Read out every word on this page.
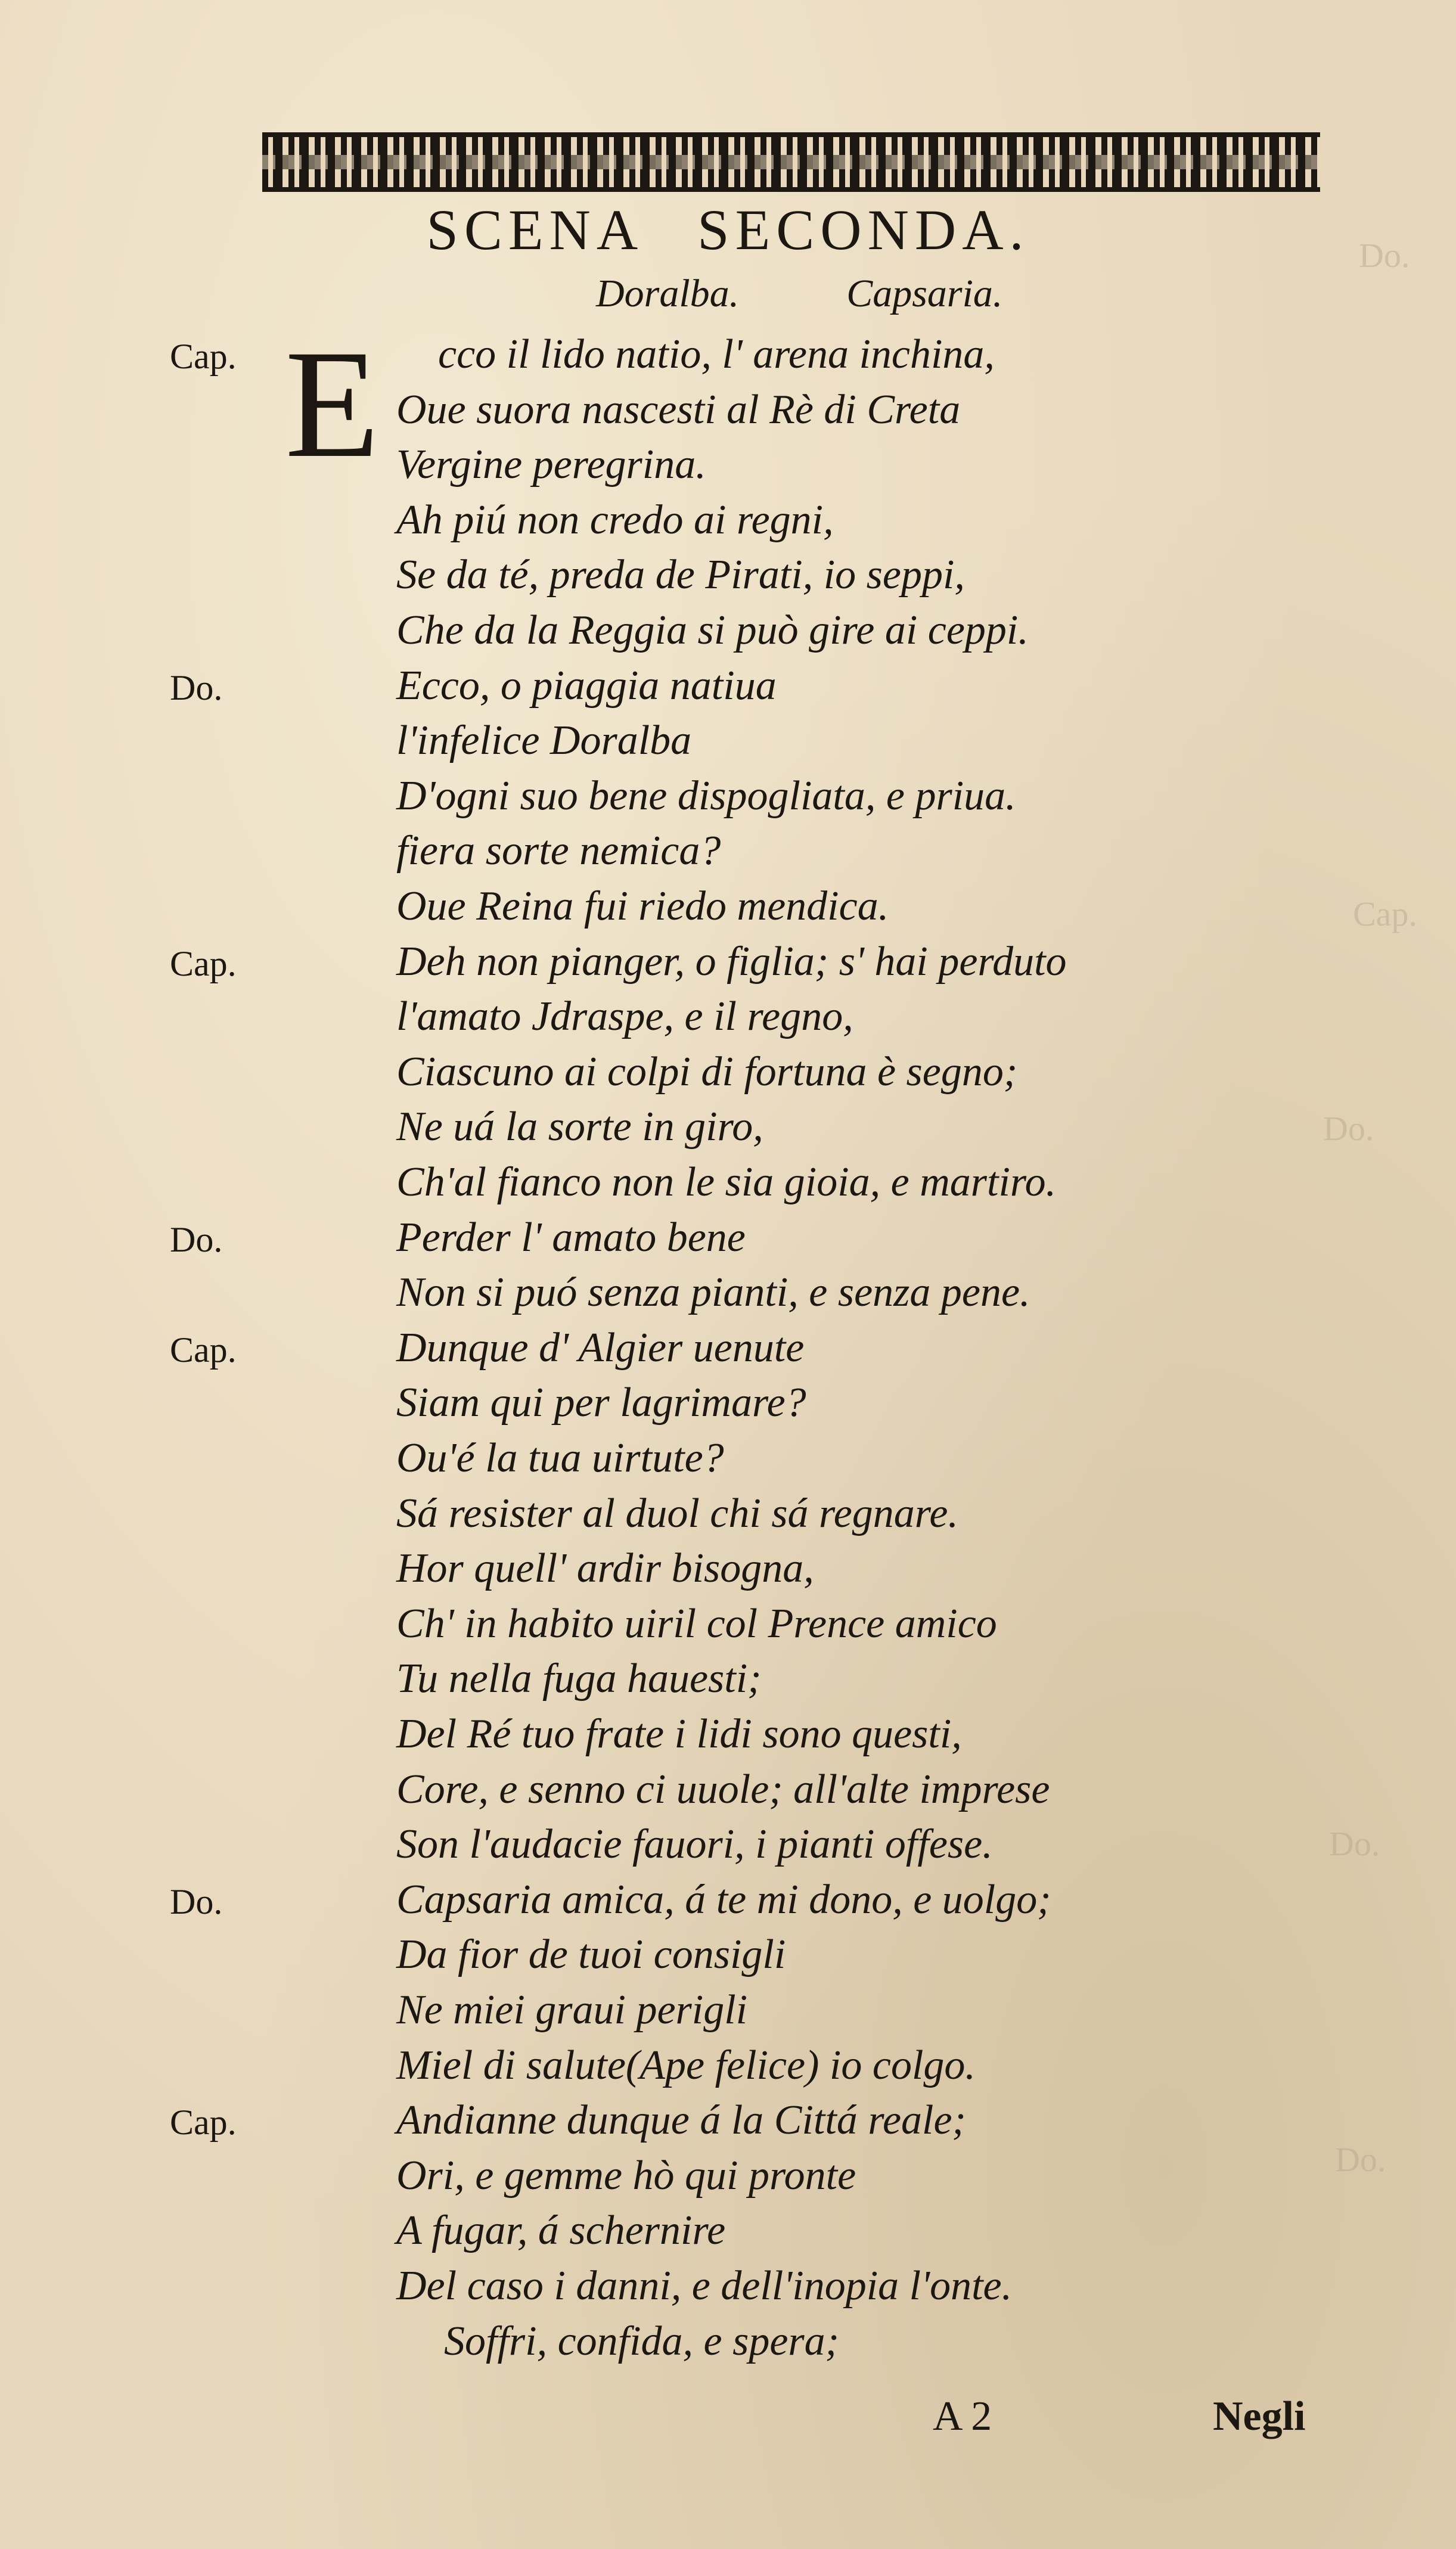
Do.
Cap.
Do.
Do.
Do.
SCENA SECONDA.
Doralba.	Capsaria.
E
Cap.	cco il lido natio, l' arena inchina,
Oue suora nascesti al Rè di Creta
Vergine peregrina.
Ah piú non credo ai regni,
Se da té, preda de Pirati, io seppi,
Che da la Reggia si può gire ai ceppi.
Do.	Ecco, o piaggia natiua
l'infelice Doralba
D'ogni suo bene dispogliata, e priua.
fiera sorte nemica?
Oue Reina fui riedo mendica.
Cap.	Deh non pianger, o figlia; s' hai perduto
l'amato Jdraspe, e il regno,
Ciascuno ai colpi di fortuna è segno;
Ne uá la sorte in giro,
Ch'al fianco non le sia gioia, e martiro.
Do.	Perder l' amato bene
Non si puó senza pianti, e senza pene.
Cap.	Dunque d' Algier uenute
Siam qui per lagrimare?
Ou'é la tua uirtute?
Sá resister al duol chi sá regnare.
Hor quell' ardir bisogna,
Ch' in habito uiril col Prence amico
Tu nella fuga hauesti;
Del Ré tuo frate i lidi sono questi,
Core, e senno ci uuole; all'alte imprese
Son l'audacie fauori, i pianti offese.
Do.	Capsaria amica, á te mi dono, e uolgo;
Da fior de tuoi consigli
Ne miei graui perigli
Miel di salute(Ape felice) io colgo.
Cap.	Andianne dunque á la Cittá reale;
Ori, e gemme hò qui pronte
A fugar, á schernire
Del caso i danni, e dell'inopia l'onte.
Soffri, confida, e spera;
A 2	Negli
